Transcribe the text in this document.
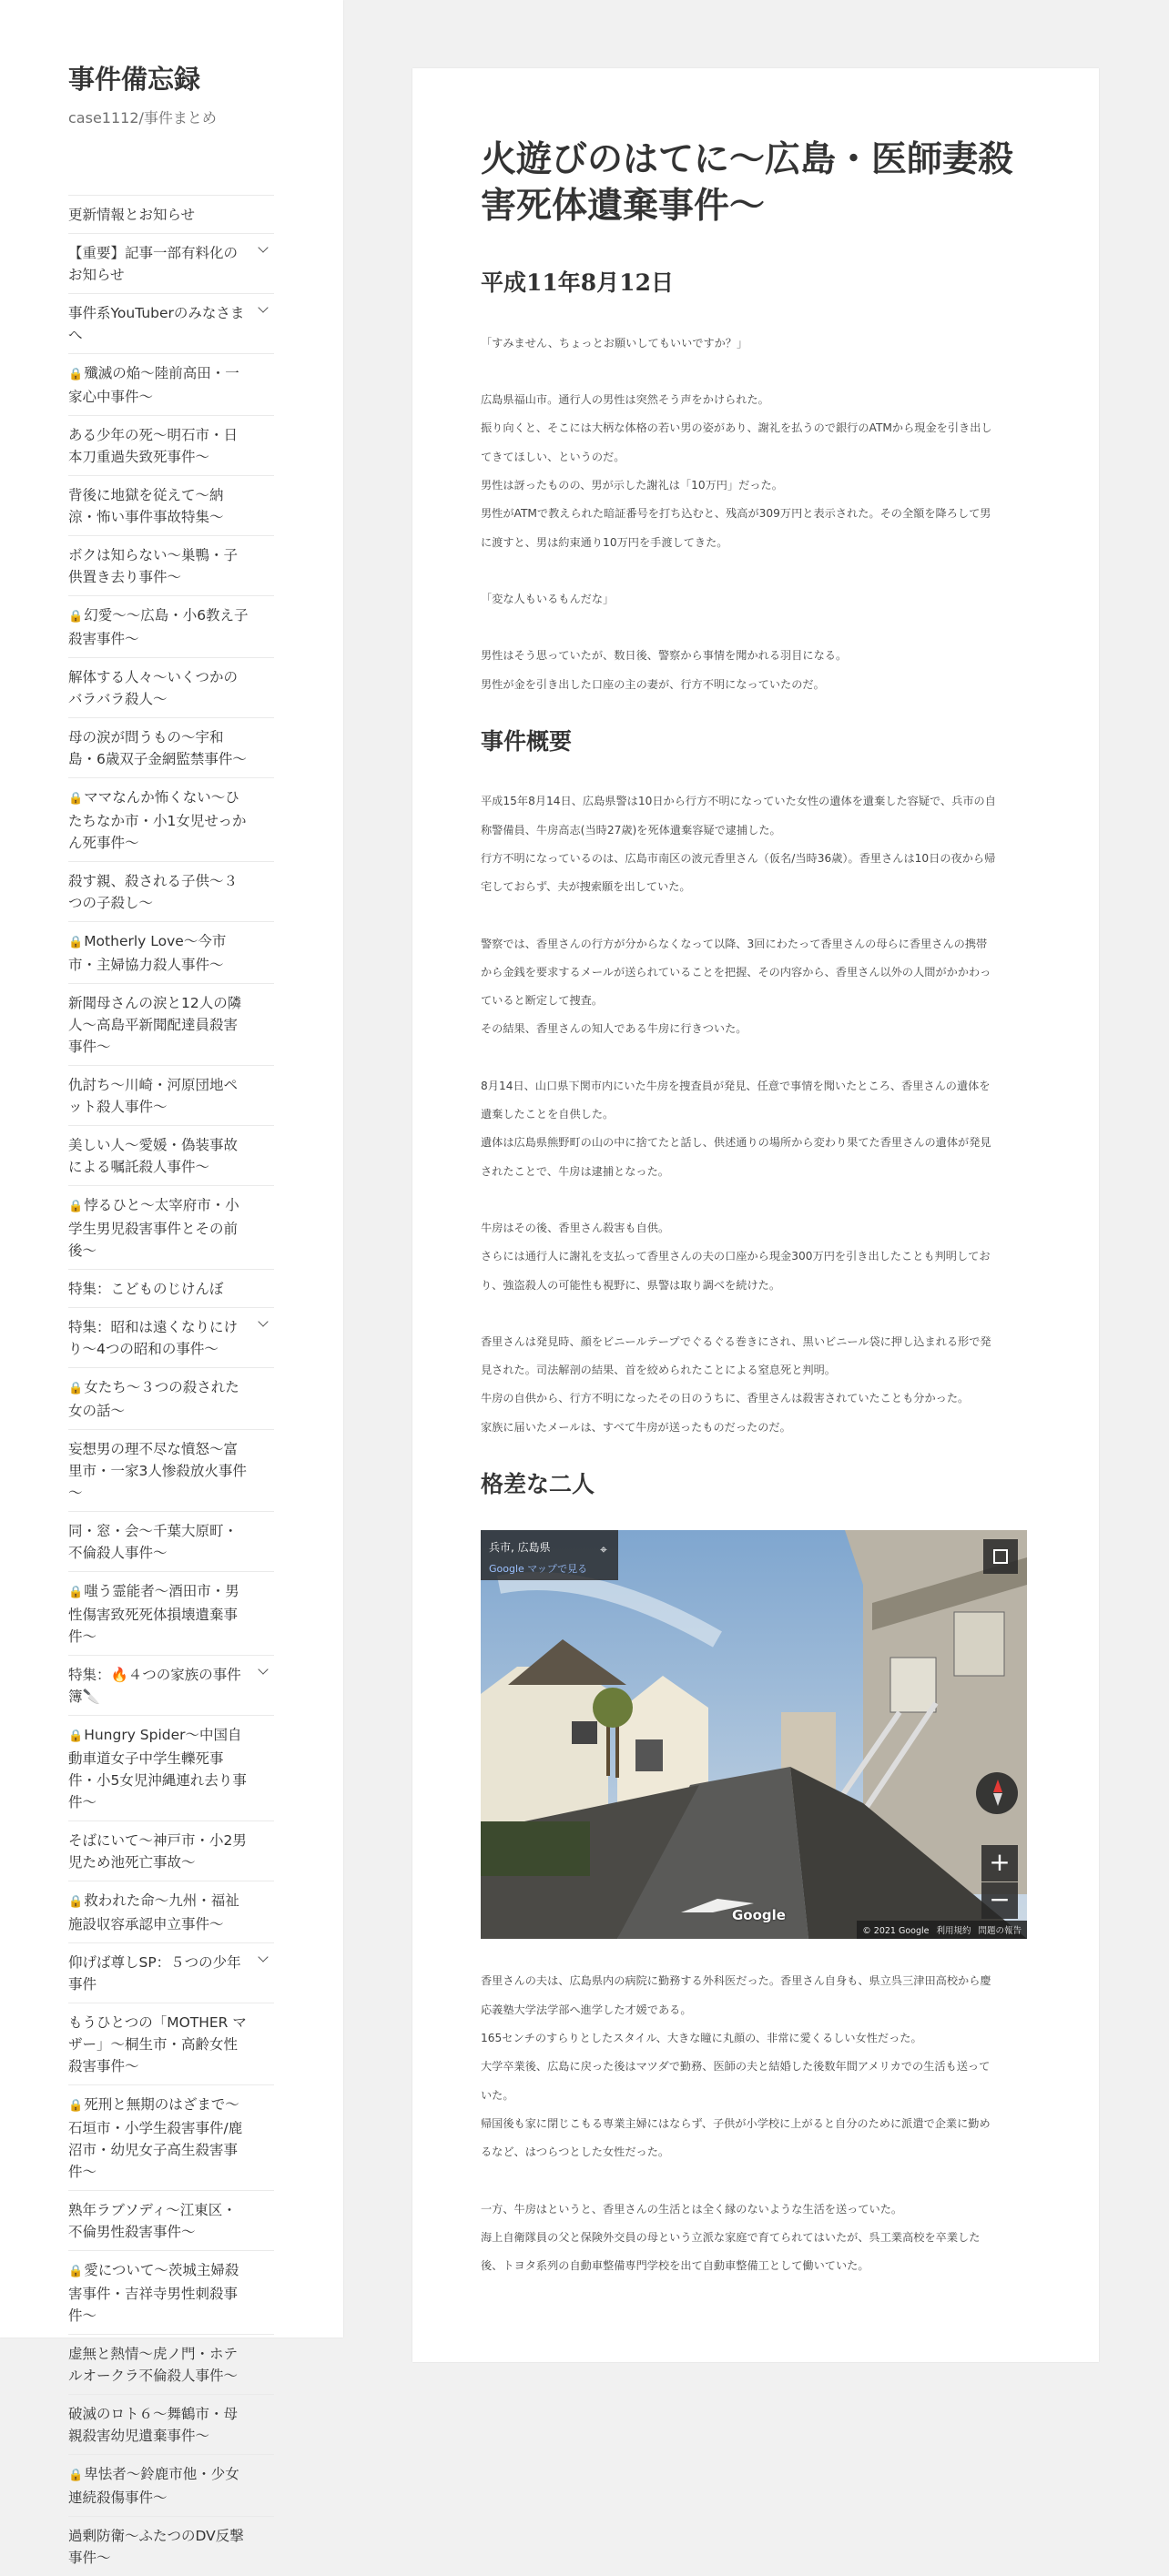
事件備忘録
case1112/事件まとめ
更新情報とお知らせ
【重要】記事一部有料化のお知らせ
事件系YouTuberのみなさまへ
🔒殲滅の焔～陸前高田・一家心中事件～
ある少年の死～明石市・日本刀重過失致死事件～
背後に地獄を従えて～納涼・怖い事件事故特集～
ボクは知らない〜巣鴨・子供置き去り事件〜
🔒幻愛〜〜広島・小6教え子殺害事件～
解体する人々～いくつかのバラバラ殺人～
母の涙が問うもの～宇和島・6歳双子金網監禁事件～
🔒ママなんか怖くない～ひたちなか市・小1女児せっかん死事件～
殺す親、殺される子供～３つの子殺し～
🔒Motherly Love～今市市・主婦協力殺人事件～
新聞母さんの涙と12人の隣人～高島平新聞配達員殺害事件～
仇討ち～川崎・河原団地ペット殺人事件～
美しい人〜愛媛・偽装事故による嘱託殺人事件〜
🔒悖るひと～太宰府市・小学生男児殺害事件とその前後〜
特集：こどものじけんぼ
特集：昭和は遠くなりにけり～4つの昭和の事件～
🔒女たち～３つの殺された女の話～
妄想男の理不尽な憤怒～富里市・一家3人惨殺放火事件～
同・窓・会～千葉大原町・不倫殺人事件～
🔒嗤う霊能者～酒田市・男性傷害致死死体損壊遺棄事件～
特集：🔥４つの家族の事件簿🔪
🔒Hungry Spider～中国自動車道女子中学生轢死事件・小5女児沖縄連れ去り事件～
そばにいて～神戸市・小2男児ため池死亡事故～
🔒救われた命～九州・福祉施設収容承認申立事件～
仰げば尊しSP：５つの少年事件
もうひとつの「MOTHER マザー」～桐生市・高齢女性殺害事件～
🔒死刑と無期のはざまで～石垣市・小学生殺害事件/鹿沼市・幼児女子高生殺害事件～
熟年ラブソディ～江東区・不倫男性殺害事件～
🔒愛について～茨城主婦殺害事件・吉祥寺男性刺殺事件～
虚無と熱情～虎ノ門・ホテルオークラ不倫殺人事件～
破滅のロト６～舞鶴市・母親殺害幼児遺棄事件～
🔒卑怯者～鈴鹿市他・少女連続殺傷事件～
過剰防衛～ふたつのDV反撃事件～
火遊びのはてに～広島・医師妻殺害死体遺棄事件～
平成11年8月12日

「すみません、ちょっとお願いしてもいいですか？」

広島県福山市。通行人の男性は突然そう声をかけられた。

振り向くと、そこには大柄な体格の若い男の姿があり、謝礼を払うので銀行のATMから現金を引き出し

てきてほしい、というのだ。

男性は訝ったものの、男が示した謝礼は「10万円」だった。

男性がATMで教えられた暗証番号を打ち込むと、残高が309万円と表示された。その全額を降ろして男

に渡すと、男は約束通り10万円を手渡してきた。

「変な人もいるもんだな」

男性はそう思っていたが、数日後、警察から事情を聞かれる羽目になる。

男性が金を引き出した口座の主の妻が、行方不明になっていたのだ。

事件概要

平成15年8月14日、広島県警は10日から行方不明になっていた女性の遺体を遺棄した容疑で、兵市の自

称警備員、牛房高志(当時27歳)を死体遺棄容疑で逮捕した。

行方不明になっているのは、広島市南区の波元香里さん（仮名/当時36歳）。香里さんは10日の夜から帰

宅しておらず、夫が捜索願を出していた。

警察では、香里さんの行方が分からなくなって以降、3回にわたって香里さんの母らに香里さんの携帯

から金銭を要求するメールが送られていることを把握、その内容から、香里さん以外の人間がかかわっ

ていると断定して捜査。

その結果、香里さんの知人である牛房に行きついた。

8月14日、山口県下関市内にいた牛房を捜査員が発見、任意で事情を聞いたところ、香里さんの遺体を

遺棄したことを自供した。

遺体は広島県熊野町の山の中に捨てたと話し、供述通りの場所から変わり果てた香里さんの遺体が発見

されたことで、牛房は逮捕となった。

牛房はその後、香里さん殺害も自供。

さらには通行人に謝礼を支払って香里さんの夫の口座から現金300万円を引き出したことも判明してお

り、強盗殺人の可能性も視野に、県警は取り調べを続けた。

香里さんは発見時、顔をビニールテープでぐるぐる巻きにされ、黒いビニール袋に押し込まれる形で発

見された。司法解剖の結果、首を絞められたことによる窒息死と判明。

牛房の自供から、行方不明になったその日のうちに、香里さんは殺害されていたことも分かった。

家族に届いたメールは、すべて牛房が送ったものだったのだ。

格差な二人
兵市, 広島県
Google マップで見る
⌖
+
−
Google
© 2021 Google 利用規約 問題の報告

香里さんの夫は、広島県内の病院に勤務する外科医だった。香里さん自身も、県立呉三津田高校から慶

応義塾大学法学部へ進学した才媛である。

165センチのすらりとしたスタイル、大きな瞳に丸顔の、非常に愛くるしい女性だった。

大学卒業後、広島に戻った後はマツダで勤務、医師の夫と結婚した後数年間アメリカでの生活も送って

いた。

帰国後も家に閉じこもる専業主婦にはならず、子供が小学校に上がると自分のために派遣で企業に勤め

るなど、はつらつとした女性だった。

一方、牛房はというと、香里さんの生活とは全く縁のないような生活を送っていた。

海上自衛隊員の父と保険外交員の母という立派な家庭で育てられてはいたが、呉工業高校を卒業した

後、トヨタ系列の自動車整備専門学校を出て自動車整備工として働いていた。
